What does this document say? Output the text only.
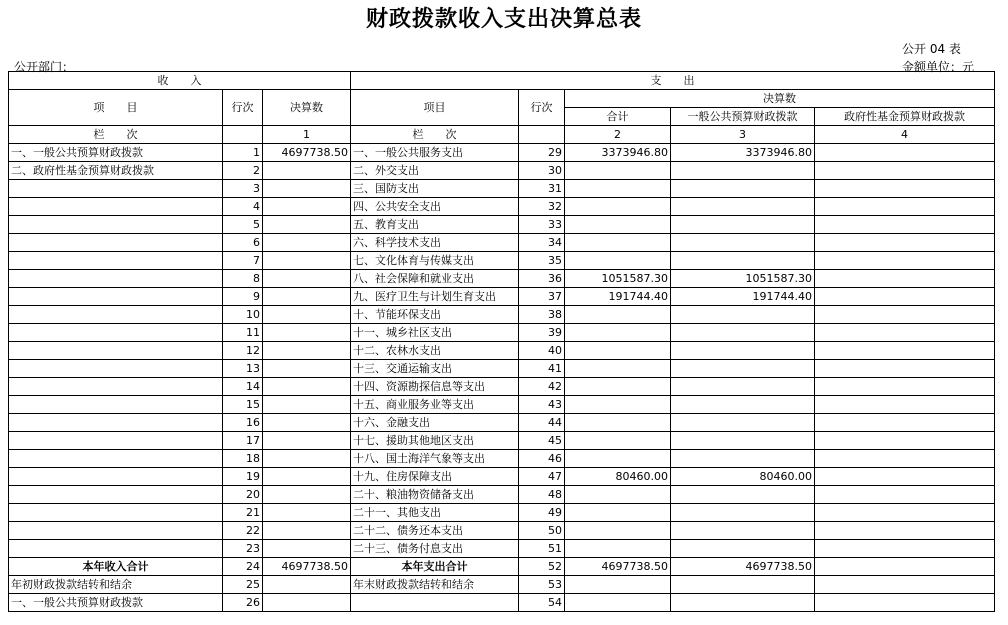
财政拨款收入支出决算总表
公开部门：
公开 04 表
金额单位：元
收　　入			支　　出				
项　　目	行次	决算数	项目	行次	决算数		
					合计	一般公共预算财政拨款	政府性基金预算财政拨款
栏　　次		1	栏　　次		2	3	4
一、一般公共预算财政拨款	1	4697738.50	一、一般公共服务支出	29	3373946.80	3373946.80	
二、政府性基金预算财政拨款	2		二、外交支出	30			
	3		三、国防支出	31			
	4		四、公共安全支出	32			
	5		五、教育支出	33			
	6		六、科学技术支出	34			
	7		七、文化体育与传媒支出	35			
	8		八、社会保障和就业支出	36	1051587.30	1051587.30	
	9		九、医疗卫生与计划生育支出	37	191744.40	191744.40	
	10		十、节能环保支出	38			
	11		十一、城乡社区支出	39			
	12		十二、农林水支出	40			
	13		十三、交通运输支出	41			
	14		十四、资源勘探信息等支出	42			
	15		十五、商业服务业等支出	43			
	16		十六、金融支出	44			
	17		十七、援助其他地区支出	45			
	18		十八、国土海洋气象等支出	46			
	19		十九、住房保障支出	47	80460.00	80460.00	
	20		二十、粮油物资储备支出	48			
	21		二十一、其他支出	49			
	22		二十二、债务还本支出	50			
	23		二十三、债务付息支出	51			
本年收入合计	24	4697738.50	本年支出合计	52	4697738.50	4697738.50	
年初财政拨款结转和结余	25		年末财政拨款结转和结余	53			
一、一般公共预算财政拨款	26			54			
